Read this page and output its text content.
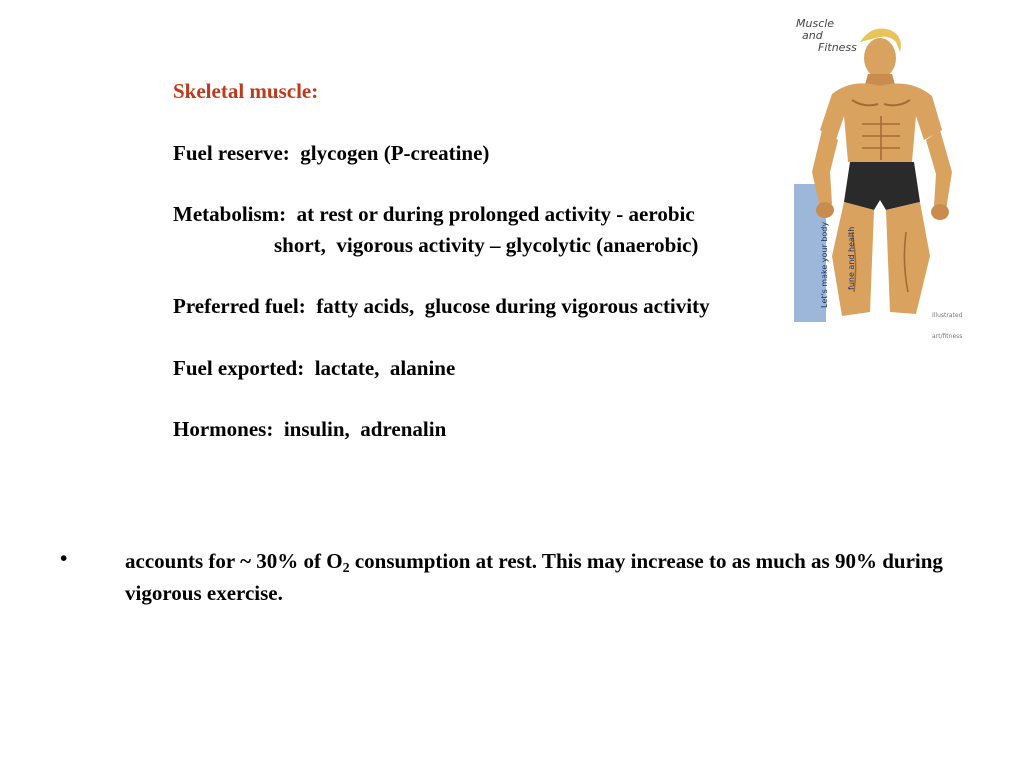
Skeletal muscle:
Fuel reserve:  glycogen (P-creatine)
Metabolism:  at rest or during prolonged activity - aerobic
short,  vigorous activity – glycolytic (anaerobic)
Preferred fuel:  fatty acids,  glucose during vigorous activity
Fuel exported:  lactate,  alanine
Hormones:  insulin,  adrenalin
Muscle
and
Fitness

Let's make your body

fune and health

Illustrated

art/fitness

•	accounts for ~ 30% of $O_2$ consumption at rest. This may increase to as much as 90% during vigorous exercise.
